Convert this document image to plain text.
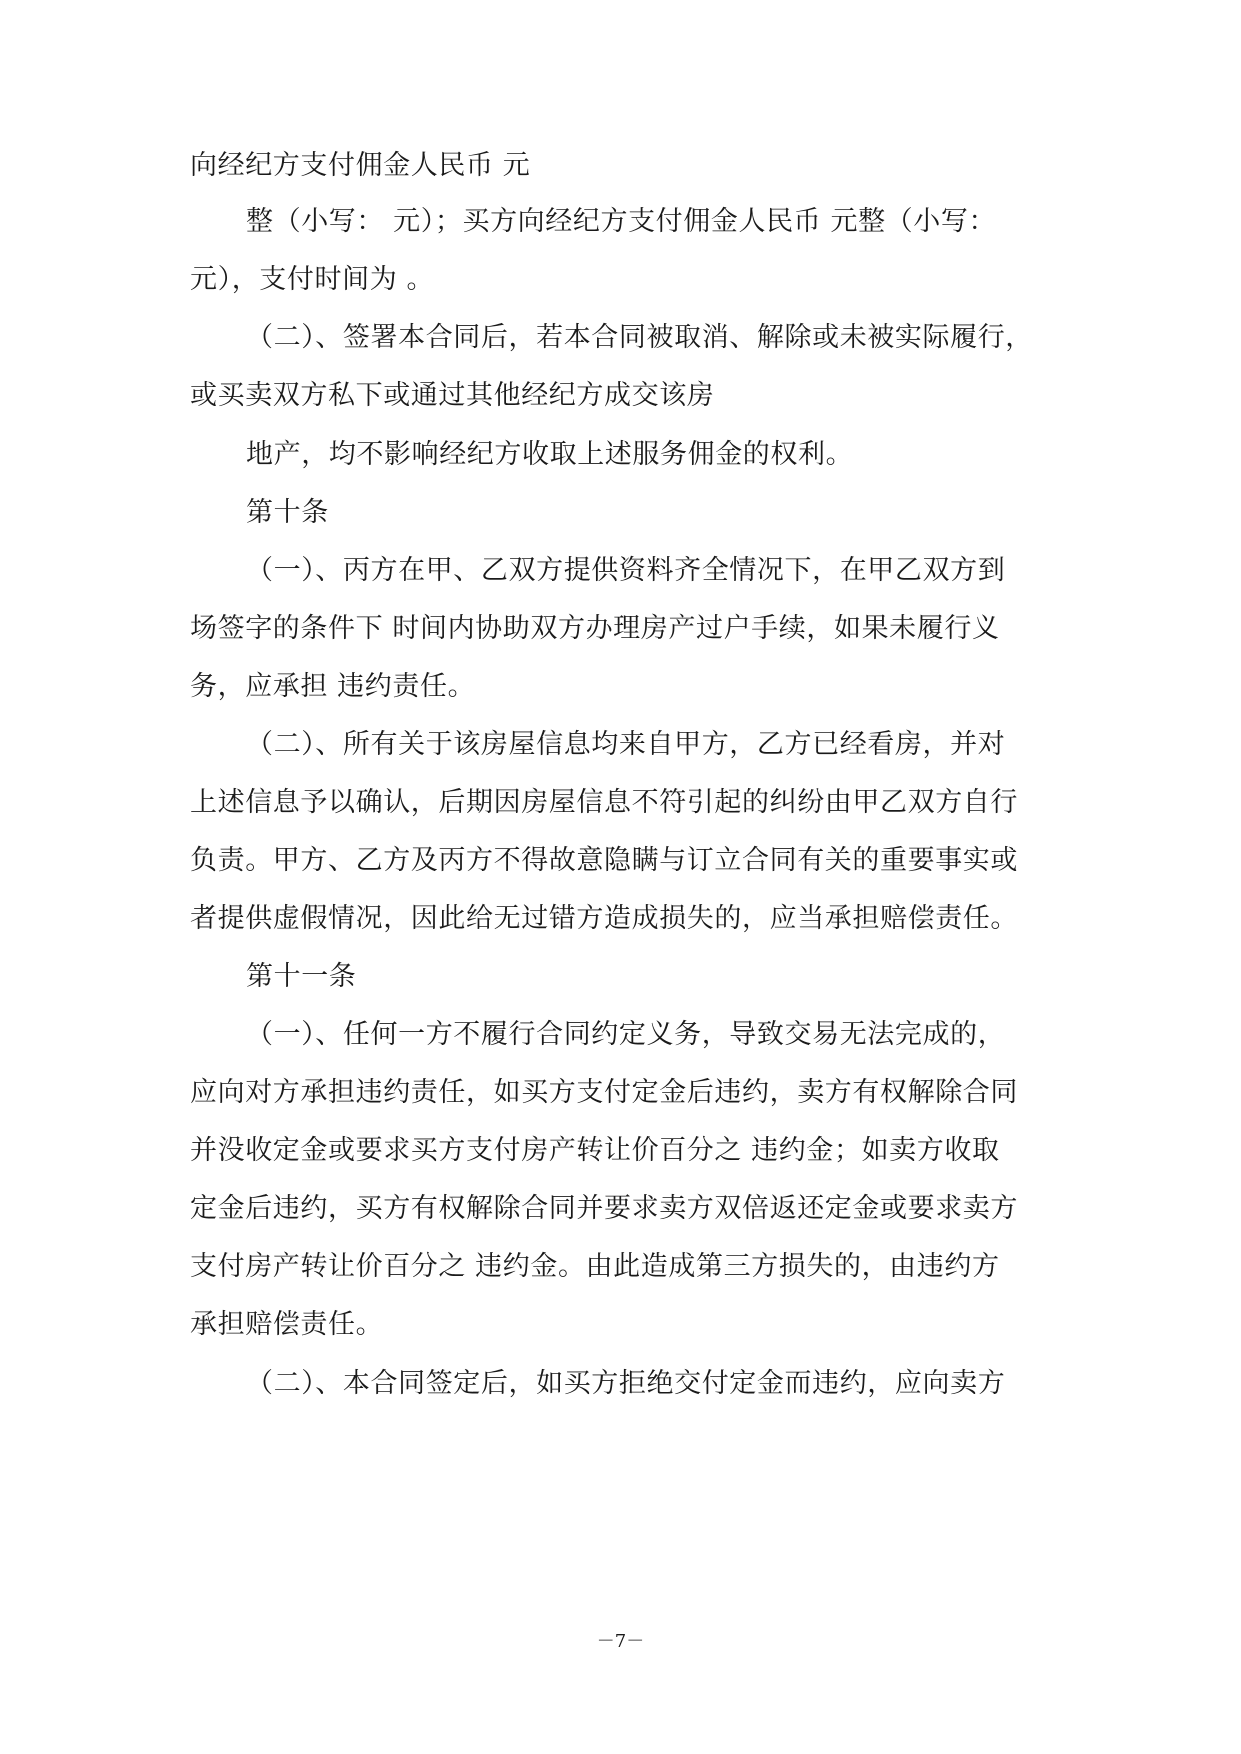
向经纪方支付佣金人民币 元
整（小写： 元）；买方向经纪方支付佣金人民币 元整（小写：
元），支付时间为 。
（二）、签署本合同后，若本合同被取消、解除或未被实际履行，
或买卖双方私下或通过其他经纪方成交该房
地产，均不影响经纪方收取上述服务佣金的权利。
第十条
（一）、丙方在甲、乙双方提供资料齐全情况下，在甲乙双方到
场签字的条件下 时间内协助双方办理房产过户手续，如果未履行义
务，应承担 违约责任。
（二）、所有关于该房屋信息均来自甲方，乙方已经看房，并对
上述信息予以确认，后期因房屋信息不符引起的纠纷由甲乙双方自行
负责。甲方、乙方及丙方不得故意隐瞒与订立合同有关的重要事实或
者提供虚假情况，因此给无过错方造成损失的，应当承担赔偿责任。
第十一条
（一）、任何一方不履行合同约定义务，导致交易无法完成的，
应向对方承担违约责任，如买方支付定金后违约，卖方有权解除合同
并没收定金或要求买方支付房产转让价百分之 违约金；如卖方收取
定金后违约，买方有权解除合同并要求卖方双倍返还定金或要求卖方
支付房产转让价百分之 违约金。由此造成第三方损失的，由违约方
承担赔偿责任。
（二）、本合同签定后，如买方拒绝交付定金而违约，应向卖方
－7－
